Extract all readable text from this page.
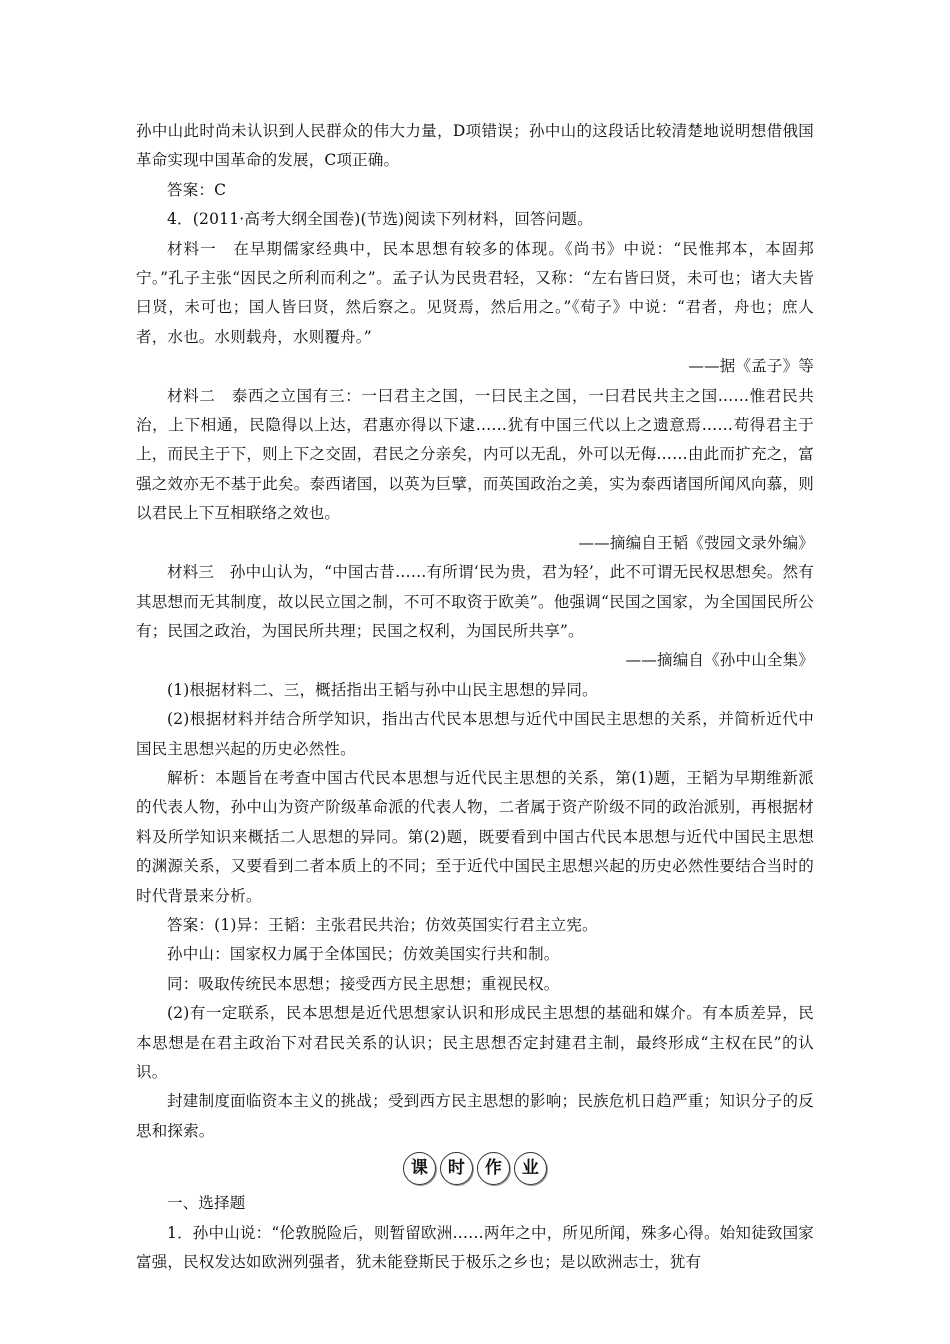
孙中山此时尚未认识到人民群众的伟大力量，D项错误；孙中山的这段话比较清楚地说明想借俄国革命实现中国革命的发展，C项正确。

答案：C

4．(2011·高考大纲全国卷)(节选)阅读下列材料，回答问题。

材料一　在早期儒家经典中，民本思想有较多的体现。《尚书》中说：“民惟邦本，本固邦宁。”孔子主张“因民之所利而利之”。孟子认为民贵君轻，又称：“左右皆曰贤，未可也；诸大夫皆曰贤，未可也；国人皆曰贤，然后察之。见贤焉，然后用之。”《荀子》中说：“君者，舟也；庶人者，水也。水则载舟，水则覆舟。”

——据《孟子》等

材料二　泰西之立国有三：一曰君主之国，一曰民主之国，一曰君民共主之国……惟君民共治，上下相通，民隐得以上达，君惠亦得以下逮……犹有中国三代以上之遗意焉……苟得君主于上，而民主于下，则上下之交固，君民之分亲矣，内可以无乱，外可以无侮……由此而扩充之，富强之效亦无不基于此矣。泰西诸国，以英为巨擘，而英国政治之美，实为泰西诸国所闻风向慕，则以君民上下互相联络之效也。

——摘编自王韬《弢园文录外编》

材料三　孙中山认为，“中国古昔……有所谓‘民为贵，君为轻’，此不可谓无民权思想矣。然有其思想而无其制度，故以民立国之制，不可不取资于欧美”。他强调“民国之国家，为全国国民所公有；民国之政治，为国民所共理；民国之权利，为国民所共享”。

——摘编自《孙中山全集》

(1)根据材料二、三，概括指出王韬与孙中山民主思想的异同。

(2)根据材料并结合所学知识，指出古代民本思想与近代中国民主思想的关系，并简析近代中国民主思想兴起的历史必然性。

解析：本题旨在考查中国古代民本思想与近代民主思想的关系，第(1)题，王韬为早期维新派的代表人物，孙中山为资产阶级革命派的代表人物，二者属于资产阶级不同的政治派别，再根据材料及所学知识来概括二人思想的异同。第(2)题，既要看到中国古代民本思想与近代中国民主思想的渊源关系，又要看到二者本质上的不同；至于近代中国民主思想兴起的历史必然性要结合当时的时代背景来分析。

答案：(1)异：王韬：主张君民共治；仿效英国实行君主立宪。

孙中山：国家权力属于全体国民；仿效美国实行共和制。

同：吸取传统民本思想；接受西方民主思想；重视民权。

(2)有一定联系，民本思想是近代思想家认识和形成民主思想的基础和媒介。有本质差异，民本思想是在君主政治下对君民关系的认识；民主思想否定封建君主制，最终形成“主权在民”的认识。

封建制度面临资本主义的挑战；受到西方民主思想的影响；民族危机日趋严重；知识分子的反思和探索。

课	时	作	业

一、选择题

1．孙中山说：“伦敦脱险后，则暂留欧洲……两年之中，所见所闻，殊多心得。始知徒致国家富强，民权发达如欧洲列强者，犹未能登斯民于极乐之乡也；是以欧洲志士，犹有
